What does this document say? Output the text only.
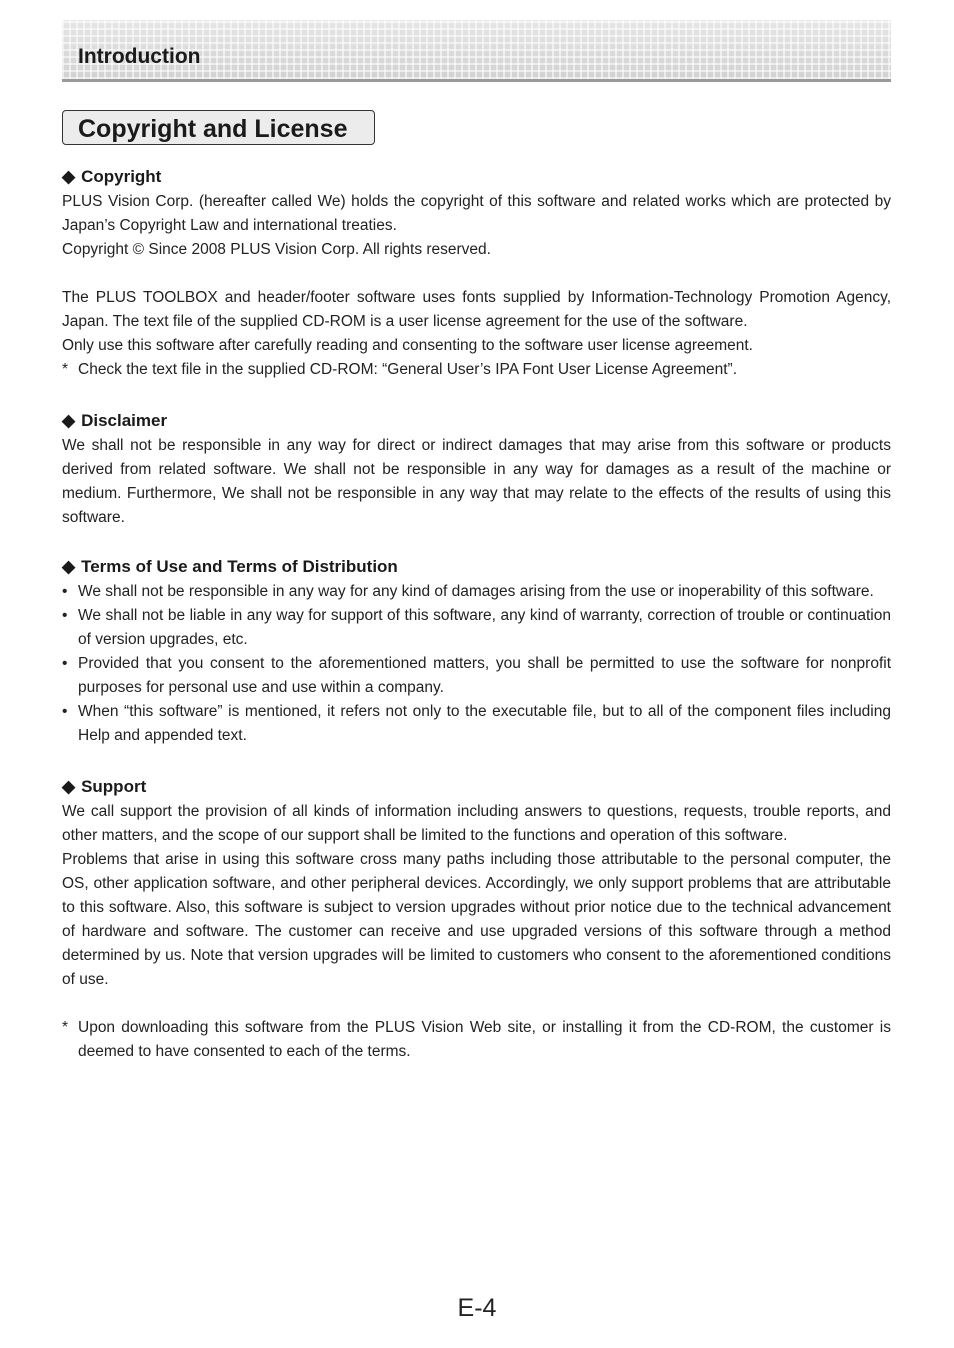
Introduction
Copyright and License
◆ Copyright

PLUS Vision Corp. (hereafter called We) holds the copyright of this software and related works which are protected by Japan’s Copyright Law and international treaties.

Copyright © Since 2008 PLUS Vision Corp. All rights reserved.

The PLUS TOOLBOX and header/footer software uses fonts supplied by Information-Technology Promotion Agency, Japan. The text file of the supplied CD-ROM is a user license agreement for the use of the software.

Only use this software after carefully reading and consenting to the software user license agreement.

* Check the text file in the supplied CD-ROM: “General User’s IPA Font User License Agreement”.
◆ Disclaimer

We shall not be responsible in any way for direct or indirect damages that may arise from this software or products derived from related software. We shall not be responsible in any way for damages as a result of the machine or medium. Furthermore, We shall not be responsible in any way that may relate to the effects of the results of using this software.

◆ Terms of Use and Terms of Distribution
• We shall not be responsible in any way for any kind of damages arising from the use or inoperability of this software.
• We shall not be liable in any way for support of this software, any kind of warranty, correction of trouble or continuation of version upgrades, etc.
• Provided that you consent to the aforementioned matters, you shall be permitted to use the software for nonprofit purposes for personal use and use within a company.
• When “this software” is mentioned, it refers not only to the executable file, but to all of the component files including Help and appended text.
◆ Support

We call support the provision of all kinds of information including answers to questions, requests, trouble reports, and other matters, and the scope of our support shall be limited to the functions and operation of this software.

Problems that arise in using this software cross many paths including those attributable to the personal computer, the OS, other application software, and other peripheral devices. Accordingly, we only support problems that are attributable to this software. Also, this software is subject to version upgrades without prior notice due to the technical advancement of hardware and software. The customer can receive and use upgraded versions of this software through a method determined by us. Note that version upgrades will be limited to customers who consent to the aforementioned conditions of use.

* Upon downloading this software from the PLUS Vision Web site, or installing it from the CD-ROM, the customer is deemed to have consented to each of the terms.
E-4
